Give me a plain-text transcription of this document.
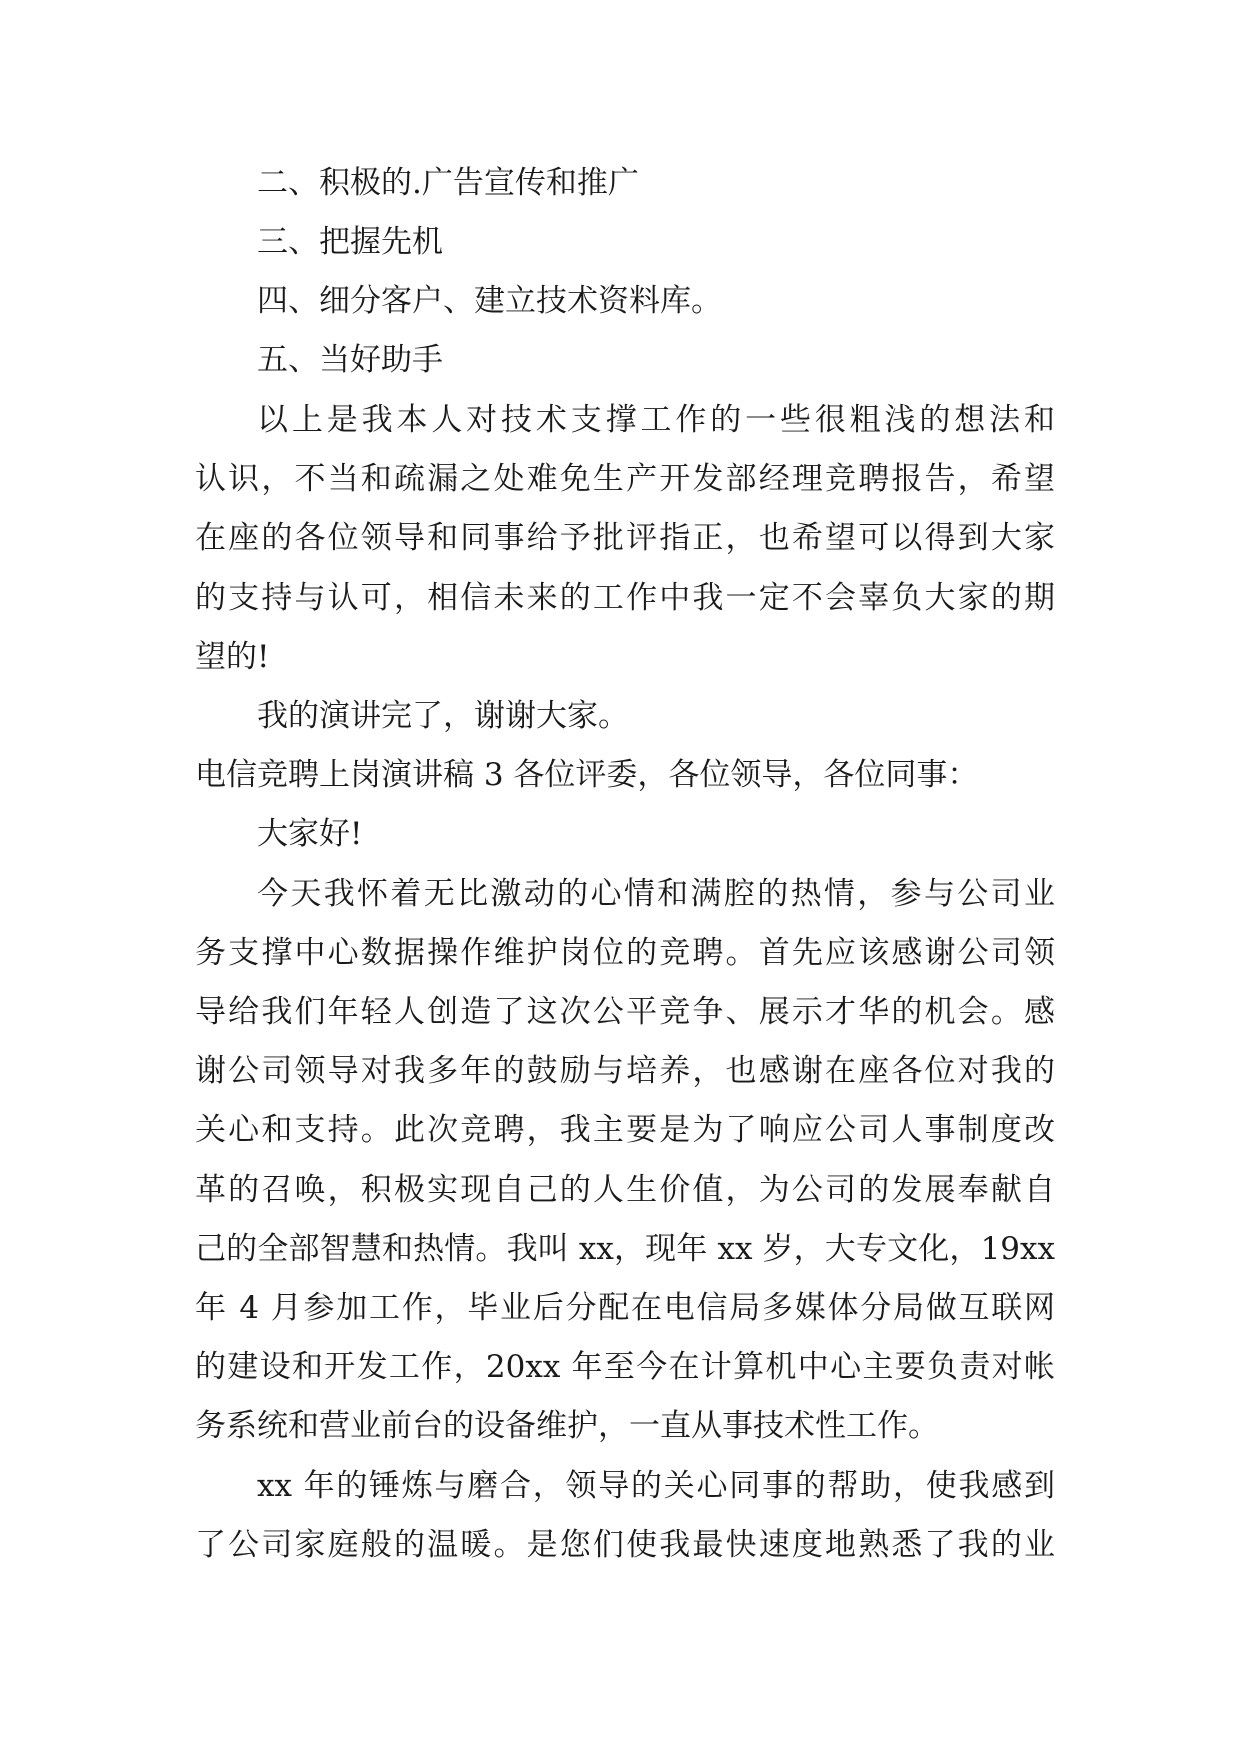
二、积极的.广告宣传和推广
三、把握先机
四、细分客户、建立技术资料库。
五、当好助手
以上是我本人对技术支撑工作的一些很粗浅的想法和
认识，不当和疏漏之处难免生产开发部经理竞聘报告，希望
在座的各位领导和同事给予批评指正，也希望可以得到大家
的支持与认可，相信未来的工作中我一定不会辜负大家的期
望的!
我的演讲完了，谢谢大家。
电信竞聘上岗演讲稿 3 各位评委，各位领导，各位同事：
大家好!
今天我怀着无比激动的心情和满腔的热情，参与公司业
务支撑中心数据操作维护岗位的竞聘。首先应该感谢公司领
导给我们年轻人创造了这次公平竞争、展示才华的机会。感
谢公司领导对我多年的鼓励与培养，也感谢在座各位对我的
关心和支持。此次竞聘，我主要是为了响应公司人事制度改
革的召唤，积极实现自己的人生价值，为公司的发展奉献自
己的全部智慧和热情。我叫 xx，现年 xx 岁，大专文化，19xx
年 4 月参加工作，毕业后分配在电信局多媒体分局做互联网
的建设和开发工作，20xx 年至今在计算机中心主要负责对帐
务系统和营业前台的设备维护，一直从事技术性工作。
xx 年的锤炼与磨合，领导的关心同事的帮助，使我感到
了公司家庭般的温暖。是您们使我最快速度地熟悉了我的业
